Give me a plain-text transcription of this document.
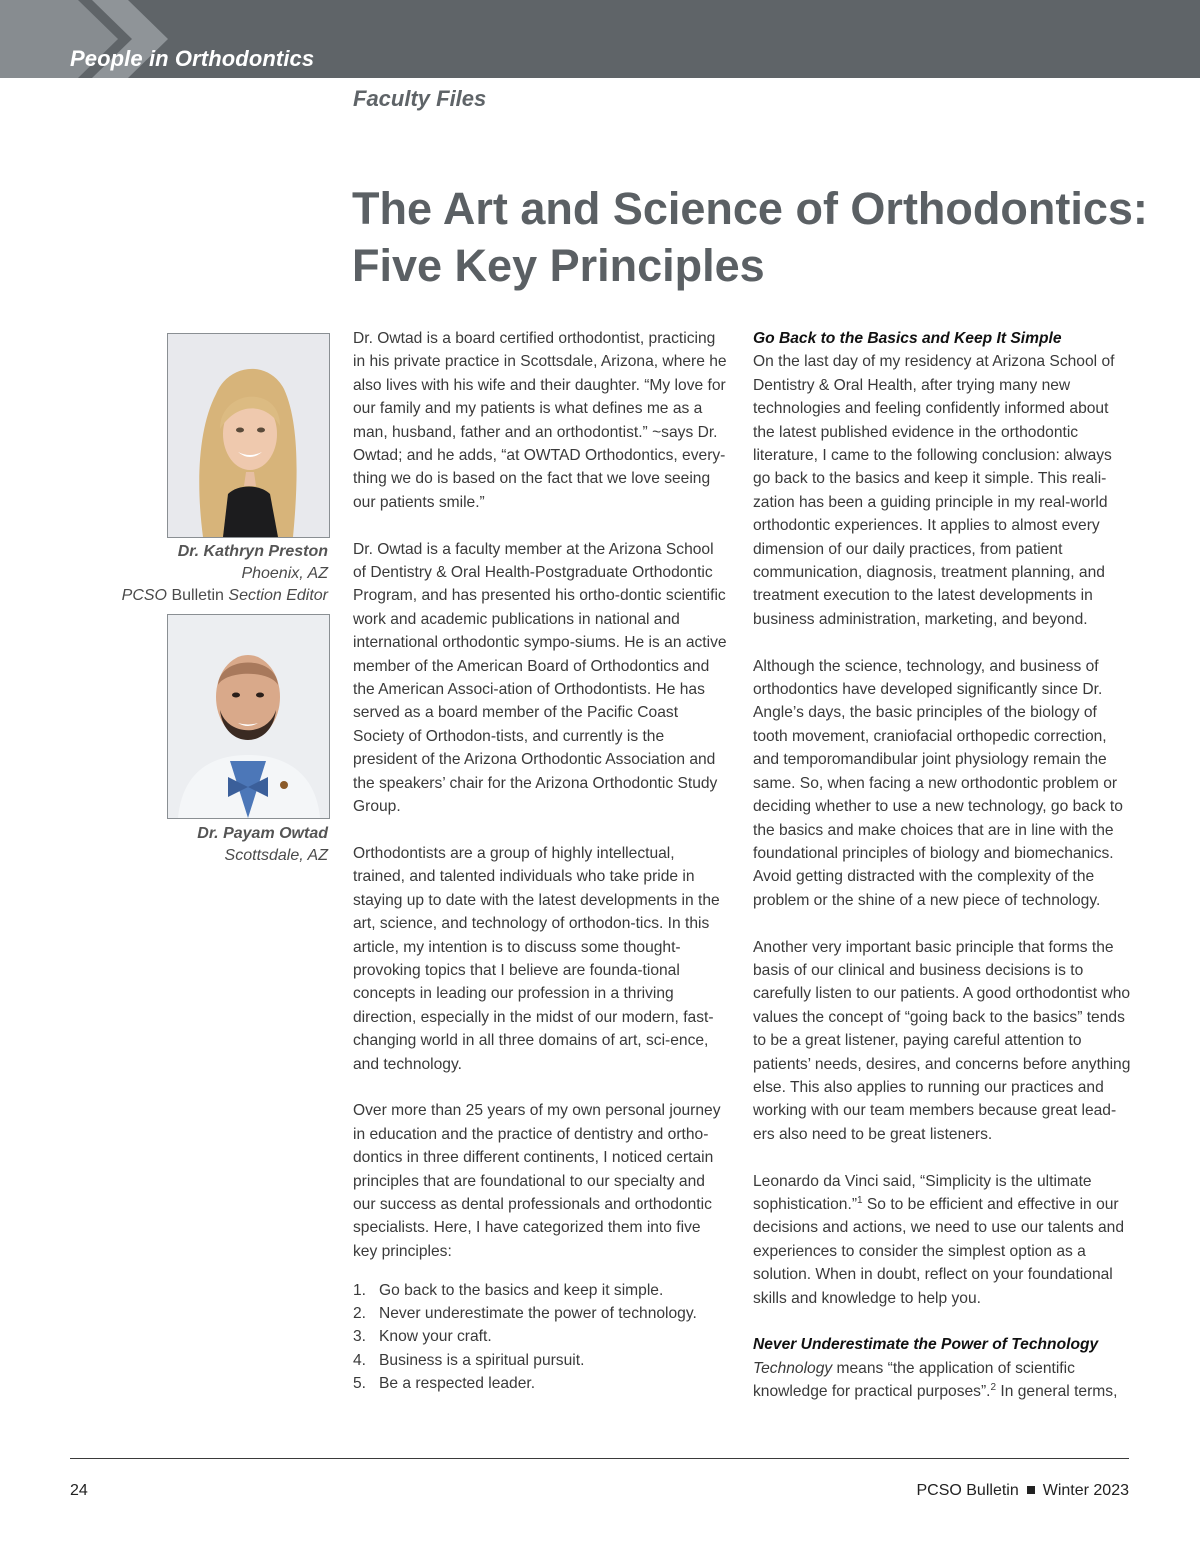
People in Orthodontics
Faculty Files
The Art and Science of Orthodontics:
Five Key Principles
Dr. Kathryn Preston
Phoenix, AZ
PCSO Bulletin Section Editor
Dr. Payam Owtad
Scottsdale, AZ

Dr. Owtad is a board certified orthodontist, practicing in his private practice in Scottsdale, Arizona, where he also lives with his wife and their daughter. “My love for our family and my patients is what defines me as a man, husband, father and an orthodontist.” ~says Dr. Owtad; and he adds, “at OWTAD Orthodontics, every-thing we do is based on the fact that we love seeing our patients smile.”

Dr. Owtad is a faculty member at the Arizona School of Dentistry & Oral Health-Postgraduate Orthodontic Program, and has presented his ortho-dontic scientific work and academic publications in national and international orthodontic sympo-siums. He is an active member of the American Board of Orthodontics and the American Associ-ation of Orthodontists. He has served as a board member of the Pacific Coast Society of Orthodon-tists, and currently is the president of the Arizona Orthodontic Association and the speakers’ chair for the Arizona Orthodontic Study Group.

Orthodontists are a group of highly intellectual, trained, and talented individuals who take pride in staying up to date with the latest developments in the art, science, and technology of orthodon-tics. In this article, my intention is to discuss some thought-provoking topics that I believe are founda-tional concepts in leading our profession in a thriving direction, especially in the midst of our modern, fast-changing world in all three domains of art, sci-ence, and technology.

Over more than 25 years of my own personal journey in education and the practice of dentistry and ortho-dontics in three different continents, I noticed certain principles that are foundational to our specialty and our success as dental professionals and orthodontic specialists. Here, I have categorized them into five key principles:

1. Go back to the basics and keep it simple.
2. Never underestimate the power of technology.
3. Know your craft.
4. Business is a spiritual pursuit.
5. Be a respected leader.

Go Back to the Basics and Keep It Simple
On the last day of my residency at Arizona School of Dentistry & Oral Health, after trying many new technologies and feeling confidently informed about the latest published evidence in the orthodontic literature, I came to the following conclusion: always go back to the basics and keep it simple. This reali-zation has been a guiding principle in my real-world orthodontic experiences. It applies to almost every dimension of our daily practices, from patient communication, diagnosis, treatment planning, and treatment execution to the latest developments in business administration, marketing, and beyond.

Although the science, technology, and business of orthodontics have developed significantly since Dr. Angle’s days, the basic principles of the biology of tooth movement, craniofacial orthopedic correction, and temporomandibular joint physiology remain the same. So, when facing a new orthodontic problem or deciding whether to use a new technology, go back to the basics and make choices that are in line with the foundational principles of biology and biomechanics. Avoid getting distracted with the complexity of the problem or the shine of a new piece of technology.

Another very important basic principle that forms the basis of our clinical and business decisions is to carefully listen to our patients. A good orthodontist who values the concept of “going back to the basics” tends to be a great listener, paying careful attention to patients’ needs, desires, and concerns before anything else. This also applies to running our practices and working with our team members because great lead-ers also need to be great listeners.

Leonardo da Vinci said, “Simplicity is the ultimate sophistication.”$^1$ So to be efficient and effective in our decisions and actions, we need to use our talents and experiences to consider the simplest option as a solution. When in doubt, reflect on your foundational skills and knowledge to help you.

Never Underestimate the Power of Technology
Technology means “the application of scientific knowledge for practical purposes”.$^2$ In general terms,

24	PCSO Bulletin Winter 2023
